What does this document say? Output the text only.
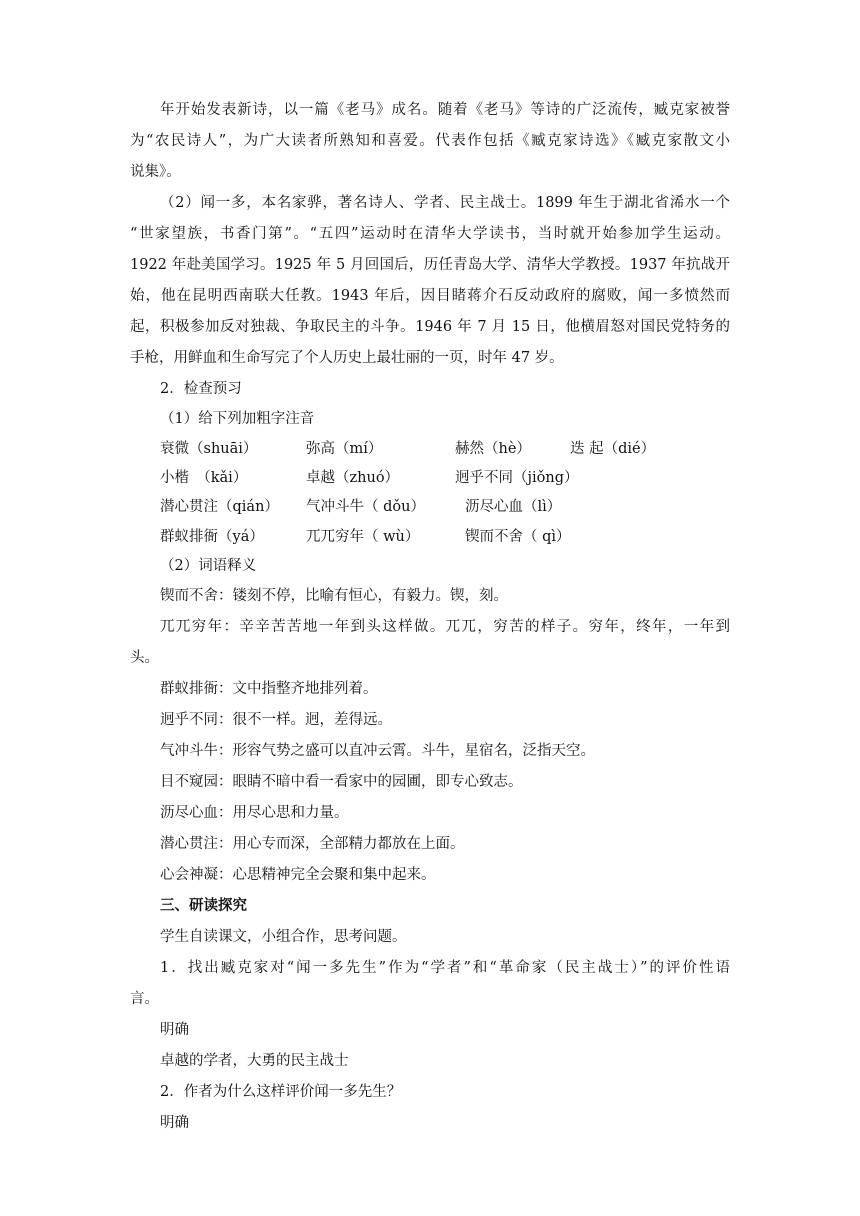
年开始发表新诗，以一篇《老马》成名。随着《老马》等诗的广泛流传，臧克家被誉
为“农民诗人”，为广大读者所熟知和喜爱。代表作包括《臧克家诗选》《臧克家散文小
说集》。
（2）闻一多，本名家骅，著名诗人、学者、民主战士。1899 年生于湖北省浠水一个
“世家望族，书香门第”。“五四”运动时在清华大学读书，当时就开始参加学生运动。
1922 年赴美国学习。1925 年 5 月回国后，历任青岛大学、清华大学教授。1937 年抗战开
始，他在昆明西南联大任教。1943 年后，因目睹蒋介石反动政府的腐败，闻一多愤然而
起，积极参加反对独裁、争取民主的斗争。1946 年 7 月 15 日，他横眉怒对国民党特务的
手枪，用鲜血和生命写完了个人历史上最壮丽的一页，时年 47 岁。
2．检查预习
（1）给下列加粗字注音
衰微（shuāi）	弥高（mí）	赫然（hè）	迭 起（dié）
小楷　（kǎi）	卓越（zhuó）	迥乎不同（jiǒng）
潜心贯注（qián） 气冲斗牛（ dǒu）	沥尽心血（lì）
群蚁排衙（yá）	兀兀穷年（ wù）	锲而不舍（ qì）
（2）词语释义
锲而不舍：镂刻不停，比喻有恒心，有毅力。锲，刻。
兀兀穷年：辛辛苦苦地一年到头这样做。兀兀，穷苦的样子。穷年，终年，一年到
头。
群蚁排衙：文中指整齐地排列着。
迥乎不同：很不一样。迥，差得远。
气冲斗牛：形容气势之盛可以直冲云霄。斗牛，星宿名，泛指天空。
目不窥园：眼睛不暗中看一看家中的园圃，即专心致志。
沥尽心血：用尽心思和力量。
潜心贯注：用心专而深，全部精力都放在上面。
心会神凝：心思精神完全会聚和集中起来。
三、研读探究
学生自读课文，小组合作，思考问题。
1．找出臧克家对“闻一多先生”作为“学者”和“革命家（民主战士）”的评价性语
言。
明确
卓越的学者，大勇的民主战士
2．作者为什么这样评价闻一多先生？
明确
